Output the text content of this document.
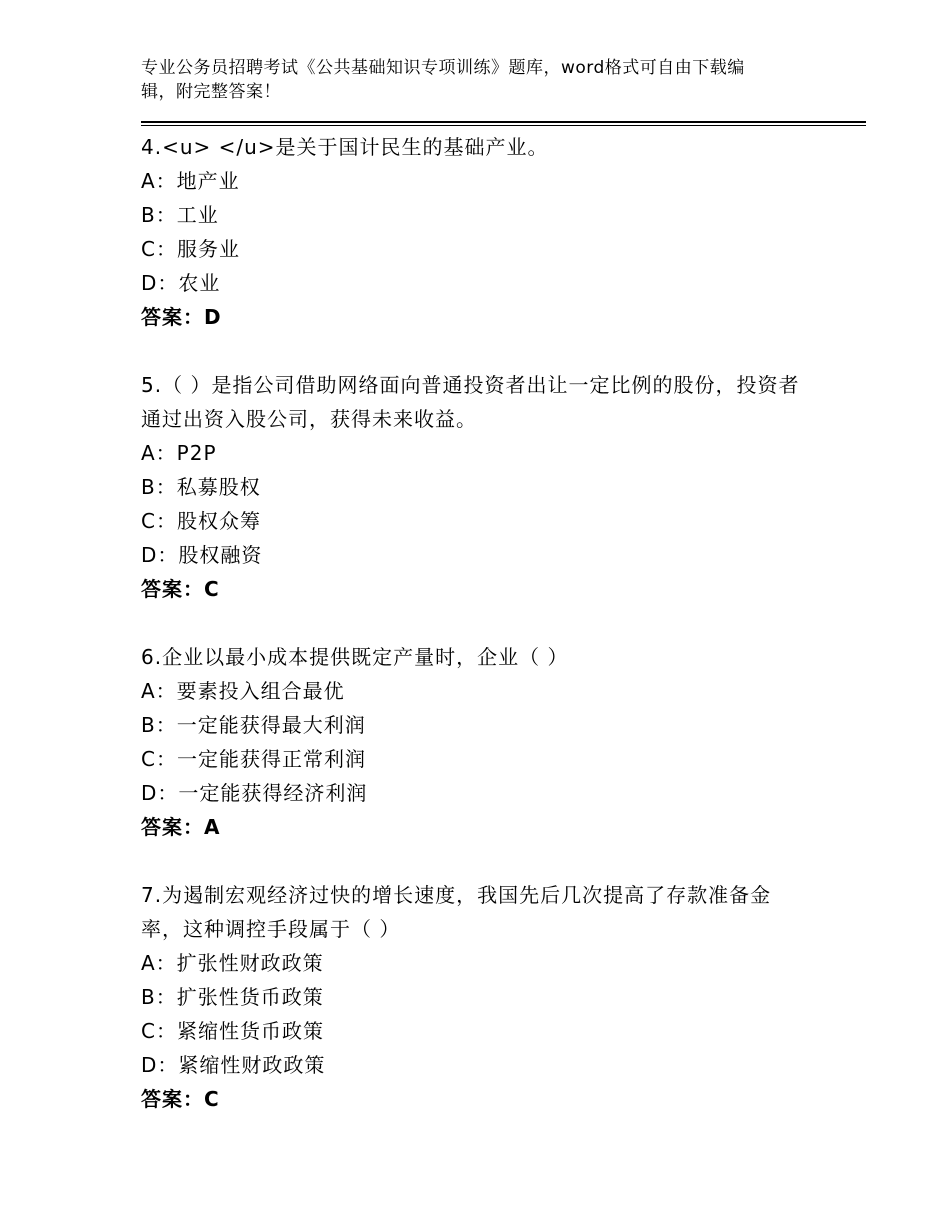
专业公务员招聘考试《公共基础知识专项训练》题库，word格式可自由下载编
辑，附完整答案！
4.<u> </u>是关于国计民生的基础产业。
A：地产业
B：工业
C：服务业
D：农业
答案：D
5.（ ）是指公司借助网络面向普通投资者出让一定比例的股份，投资者通过出资入股公司，获得未来收益。
A：P2P
B：私募股权
C：股权众筹
D：股权融资
答案：C
6.企业以最小成本提供既定产量时，企业（ ）
A：要素投入组合最优
B：一定能获得最大利润
C：一定能获得正常利润
D：一定能获得经济利润
答案：A
7.为遏制宏观经济过快的增长速度，我国先后几次提高了存款准备金率，这种调控手段属于（ ）
A：扩张性财政政策
B：扩张性货币政策
C：紧缩性货币政策
D：紧缩性财政政策
答案：C
